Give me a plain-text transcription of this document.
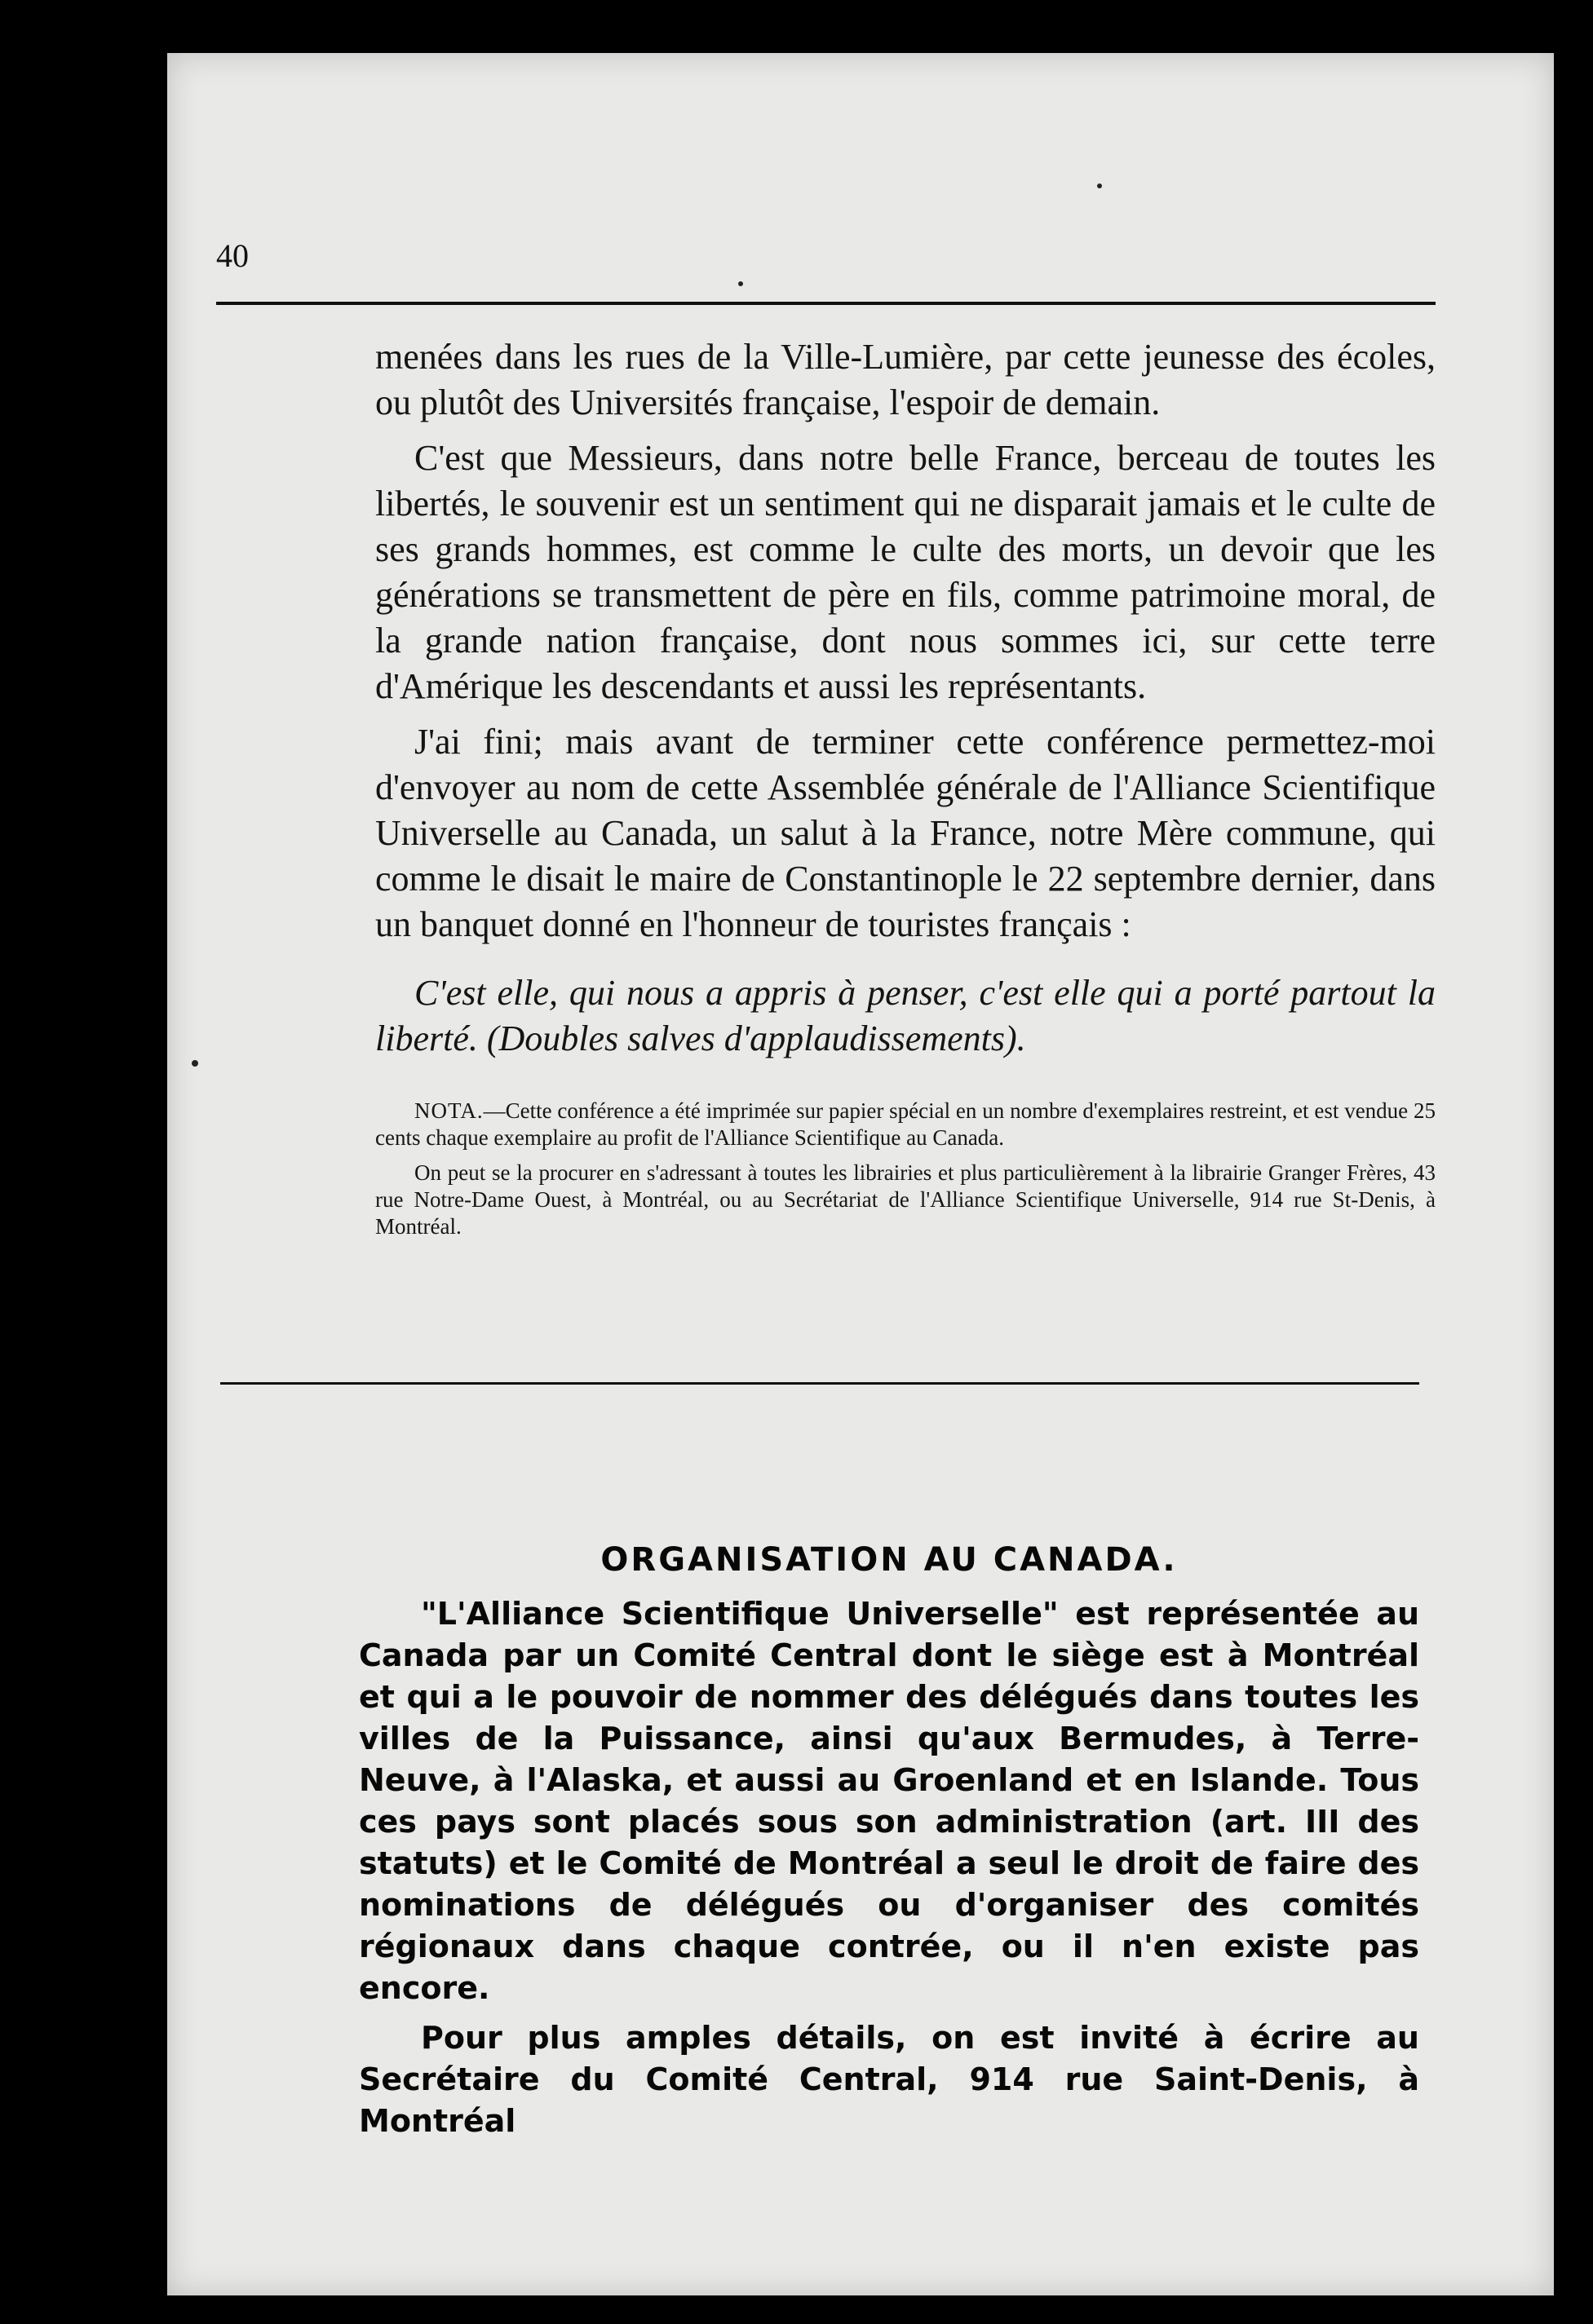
40

menées dans les rues de la Ville-Lumière, par cette jeunesse des écoles, ou plutôt des Universités française, l'espoir de demain.

C'est que Messieurs, dans notre belle France, berceau de toutes les libertés, le souvenir est un sentiment qui ne disparait jamais et le culte de ses grands hommes, est comme le culte des morts, un devoir que les générations se transmettent de père en fils, comme patrimoine moral, de la grande nation française, dont nous sommes ici, sur cette terre d'Amérique les descendants et aussi les représentants.

J'ai fini; mais avant de terminer cette conférence permettez-moi d'envoyer au nom de cette Assemblée générale de l'Alliance Scientifique Universelle au Canada, un salut à la France, notre Mère commune, qui comme le disait le maire de Constantinople le 22 septembre dernier, dans un banquet donné en l'honneur de touristes français :

C'est elle, qui nous a appris à penser, c'est elle qui a porté partout la liberté. (Doubles salves d'applaudissements).

NOTA.—Cette conférence a été imprimée sur papier spécial en un nombre d'exemplaires restreint, et est vendue 25 cents chaque exemplaire au profit de l'Alliance Scientifique au Canada.

On peut se la procurer en s'adressant à toutes les librairies et plus particulièrement à la librairie Granger Frères, 43 rue Notre-Dame Ouest, à Montréal, ou au Secrétariat de l'Alliance Scientifique Universelle, 914 rue St-Denis, à Montréal.

ORGANISATION AU CANADA.

"L'Alliance Scientifique Universelle" est représentée au Canada par un Comité Central dont le siège est à Montréal et qui a le pouvoir de nommer des délégués dans toutes les villes de la Puissance, ainsi qu'aux Bermudes, à Terre-Neuve, à l'Alaska, et aussi au Groenland et en Islande. Tous ces pays sont placés sous son administration (art. III des statuts) et le Comité de Montréal a seul le droit de faire des nominations de délégués ou d'organiser des comités régionaux dans chaque contrée, ou il n'en existe pas encore.

Pour plus amples détails, on est invité à écrire au Secrétaire du Comité Central, 914 rue Saint-Denis, à Montréal
